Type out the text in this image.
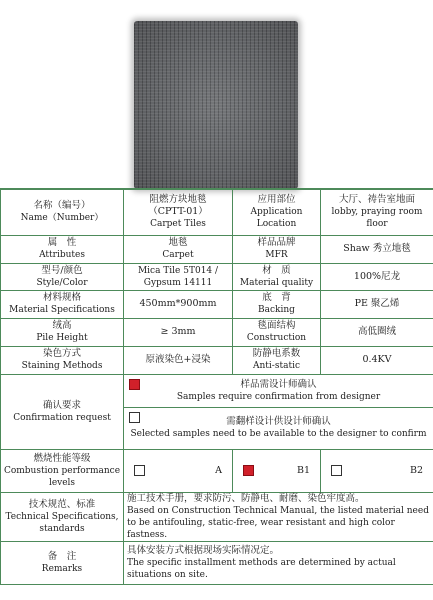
名称（编号）
Name（Number）	阻燃方块地毯
（CPTT-01）
Carpet Tiles	应用部位
Application
Location	大厅、祷告室地面
lobby, praying room
floor

属　性
Attributes	地毯
Carpet	样品品牌
MFR	Shaw 秀立地毯

型号/颜色
Style/Color	Mica Tile 5T014 /
Gypsum 14111	材　质
Material quality	100%尼龙

材料规格
Material Specifications	450mm*900mm	底　背
Backing	PE 聚乙烯

绒高
Pile Height	≥ 3mm	毯面结构
Construction	高低圈绒

染色方式
Staining Methods	原液染色+浸染	防静电系数
Anti-static	0.4KV

确认要求
Confirmation request	样品需设计师确认
Samples require confirmation from designer		

	需翻样设计供设计师确认
Selected samples need to be available to the designer to confirm		

燃烧性能等级
Combustion performance levels	A	B1	B2

技术规范、标准
Technical Specifications,
standards	施工技术手册，要求防污、防静电、耐磨、染色牢度高。
Based on Construction Technical Manual, the listed material need to be antifouling, static-free, wear resistant and high color fastness.		

备　注
Remarks	具体安装方式根据现场实际情况定。
The specific installment methods are determined by actual situations on site.		
